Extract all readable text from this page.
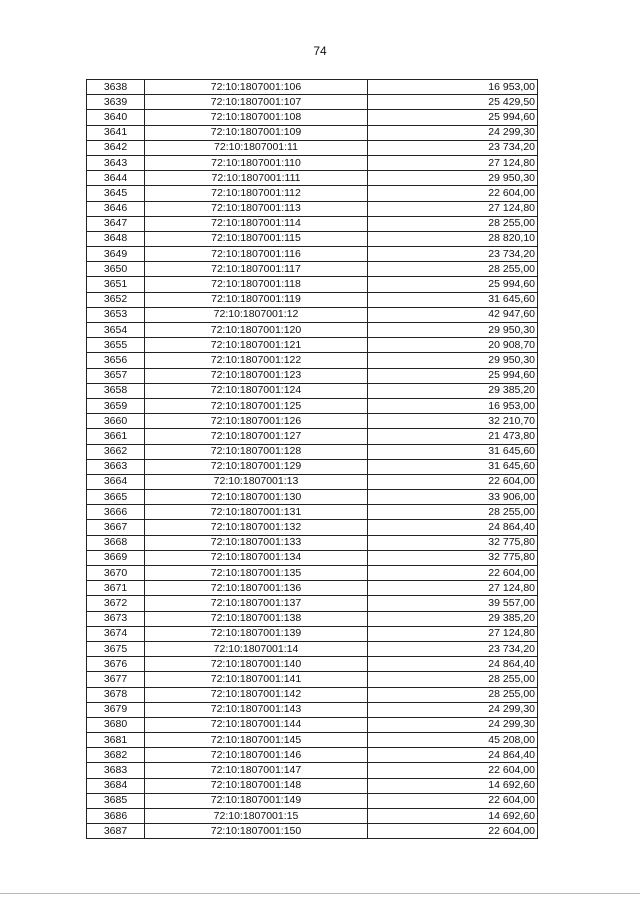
74
3638	72:10:1807001:106	16 953,00
3639	72:10:1807001:107	25 429,50
3640	72:10:1807001:108	25 994,60
3641	72:10:1807001:109	24 299,30
3642	72:10:1807001:11	23 734,20
3643	72:10:1807001:110	27 124,80
3644	72:10:1807001:111	29 950,30
3645	72:10:1807001:112	22 604,00
3646	72:10:1807001:113	27 124,80
3647	72:10:1807001:114	28 255,00
3648	72:10:1807001:115	28 820,10
3649	72:10:1807001:116	23 734,20
3650	72:10:1807001:117	28 255,00
3651	72:10:1807001:118	25 994,60
3652	72:10:1807001:119	31 645,60
3653	72:10:1807001:12	42 947,60
3654	72:10:1807001:120	29 950,30
3655	72:10:1807001:121	20 908,70
3656	72:10:1807001:122	29 950,30
3657	72:10:1807001:123	25 994,60
3658	72:10:1807001:124	29 385,20
3659	72:10:1807001:125	16 953,00
3660	72:10:1807001:126	32 210,70
3661	72:10:1807001:127	21 473,80
3662	72:10:1807001:128	31 645,60
3663	72:10:1807001:129	31 645,60
3664	72:10:1807001:13	22 604,00
3665	72:10:1807001:130	33 906,00
3666	72:10:1807001:131	28 255,00
3667	72:10:1807001:132	24 864,40
3668	72:10:1807001:133	32 775,80
3669	72:10:1807001:134	32 775,80
3670	72:10:1807001:135	22 604,00
3671	72:10:1807001:136	27 124,80
3672	72:10:1807001:137	39 557,00
3673	72:10:1807001:138	29 385,20
3674	72:10:1807001:139	27 124,80
3675	72:10:1807001:14	23 734,20
3676	72:10:1807001:140	24 864,40
3677	72:10:1807001:141	28 255,00
3678	72:10:1807001:142	28 255,00
3679	72:10:1807001:143	24 299,30
3680	72:10:1807001:144	24 299,30
3681	72:10:1807001:145	45 208,00
3682	72:10:1807001:146	24 864,40
3683	72:10:1807001:147	22 604,00
3684	72:10:1807001:148	14 692,60
3685	72:10:1807001:149	22 604,00
3686	72:10:1807001:15	14 692,60
3687	72:10:1807001:150	22 604,00
